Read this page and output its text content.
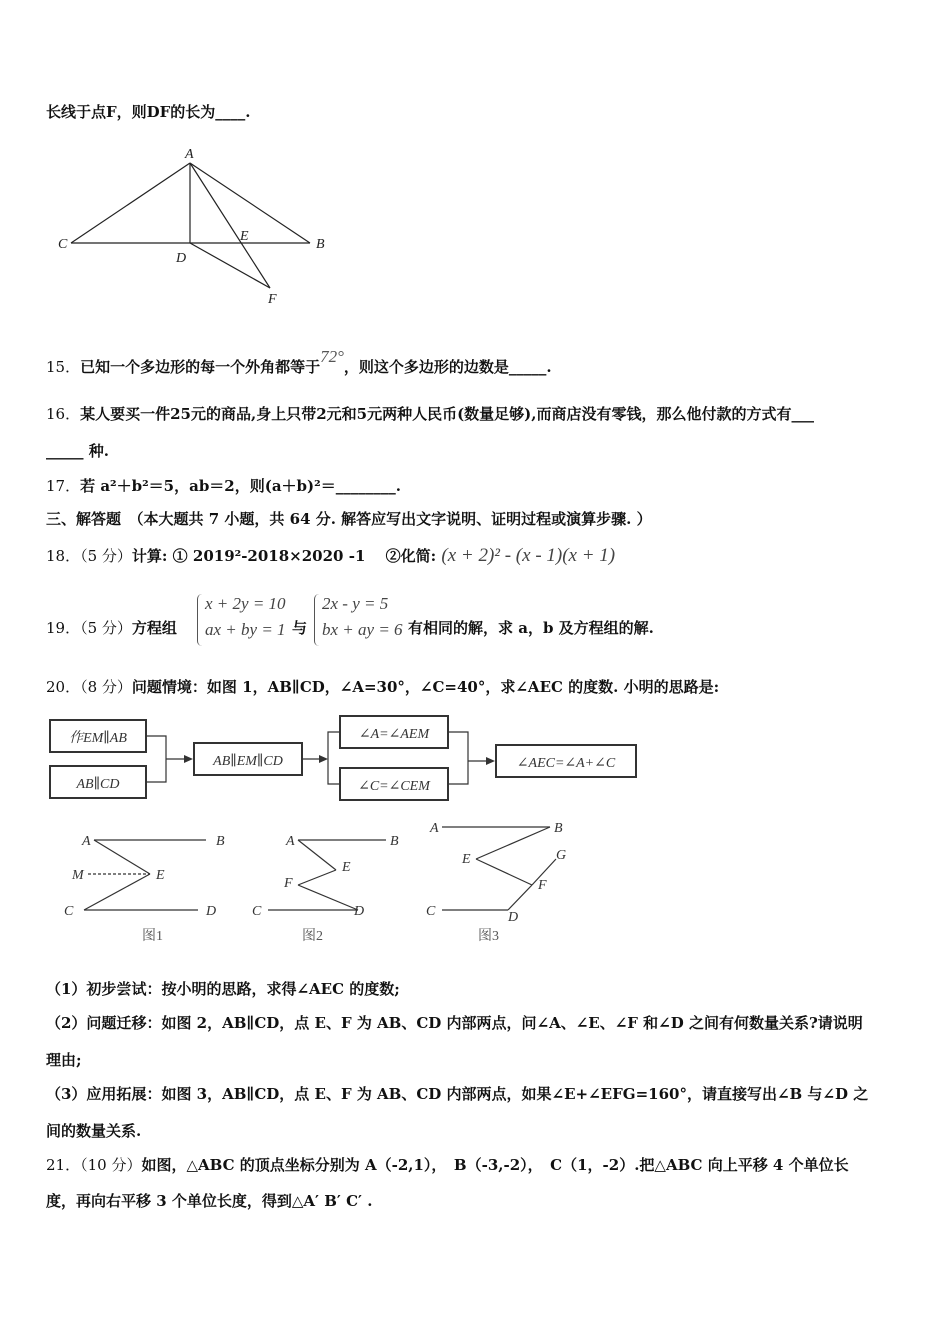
长线于点F，则DF的长为____.
A
C
D
E
B
F
15．已知一个多边形的每一个外角都等于72°，则这个多边形的边数是_____.
16．某人要买一件25元的商品,身上只带2元和5元两种人民币(数量足够),而商店没有零钱，那么他付款的方式有___
_____ 种.
17．若 a²＋b²＝5，ab＝2，则(a＋b)²＝________.
三、解答题　 （本大题共 7 小题，共 64 分. 解答应写出文字说明、证明过程或演算步骤. ）
18．（5 分）计算: ① 2019²-2018×2020 -1　 ②化简: (x + 2)² - (x - 1)(x + 1)
19．（5 分）方程组
x + 2y = 10
ax + by = 1 与
2x - y = 5
bx + ay = 6 有相同的解，求 a，b 及方程组的解.
20．（8 分）问题情境：如图 1，AB∥CD，∠A=30°，∠C=40°，求∠AEC 的度数. 小明的思路是:
作EM∥AB
AB∥CD
AB∥EM∥CD
∠A=∠AEM
∠C=∠CEM
∠AEC=∠A+∠C
A	B
M	E
C	D
A	B
E
F
C	D
A	B
E	G
F
C	D
图1	图2	图3
（1）初步尝试：按小明的思路，求得∠AEC 的度数;
（2）问题迁移：如图 2，AB∥CD，点 E、F 为 AB、CD 内部两点，问∠A、∠E、∠F 和∠D 之间有何数量关系?请说明
理由;
（3）应用拓展：如图 3，AB∥CD，点 E、F 为 AB、CD 内部两点，如果∠E+∠EFG=160°，请直接写出∠B 与∠D 之
间的数量关系.
21．（10 分）如图，△ABC 的顶点坐标分别为 A（-2,1），　B（-3,-2），　C（1，-2）.把△ABC 向上平移 4 个单位长
度，再向右平移 3 个单位长度，得到△A′ B′ C′ .
